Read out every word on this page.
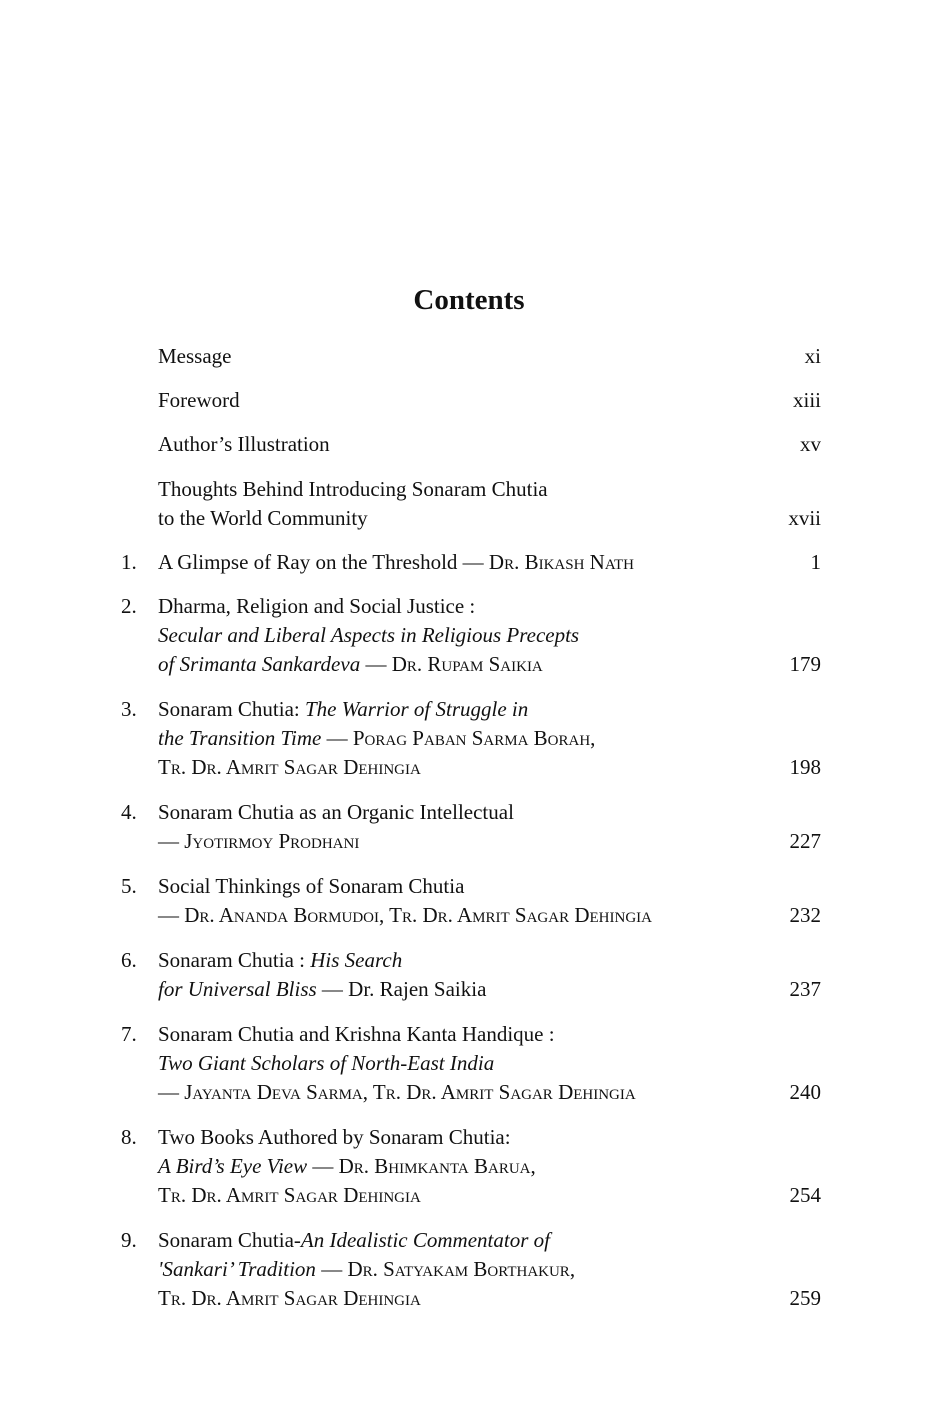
Contents
Message	xi
Foreword	xiii
Author’s Illustration	xv
Thoughts Behind Introducing Sonaram Chutia
to the World Community	xvii
1.	A Glimpse of Ray on the Threshold — Dr. Bikash Nath	1
2.	Dharma, Religion and Social Justice :
Secular and Liberal Aspects in Religious Precepts
of Srimanta Sankardeva — Dr. Rupam Saikia	179
3.	Sonaram Chutia: The Warrior of Struggle in
the Transition Time — Porag Paban Sarma Borah,
Tr. Dr. Amrit Sagar Dehingia	198
4.	Sonaram Chutia as an Organic Intellectual
— Jyotirmoy Prodhani	227
5.	Social Thinkings of Sonaram Chutia
— Dr. Ananda Bormudoi, Tr. Dr. Amrit Sagar Dehingia	232
6.	Sonaram Chutia : His Search
for Universal Bliss — Dr. Rajen Saikia	237
7.	Sonaram Chutia and Krishna Kanta Handique :
Two Giant Scholars of North-East India
— Jayanta Deva Sarma, Tr. Dr. Amrit Sagar Dehingia	240
8.	Two Books Authored by Sonaram Chutia:
A Bird’s Eye View — Dr. Bhimkanta Barua,
Tr. Dr. Amrit Sagar Dehingia	254
9.	Sonaram Chutia-An Idealistic Commentator of
'Sankari’ Tradition — Dr. Satyakam Borthakur,
Tr. Dr. Amrit Sagar Dehingia	259
